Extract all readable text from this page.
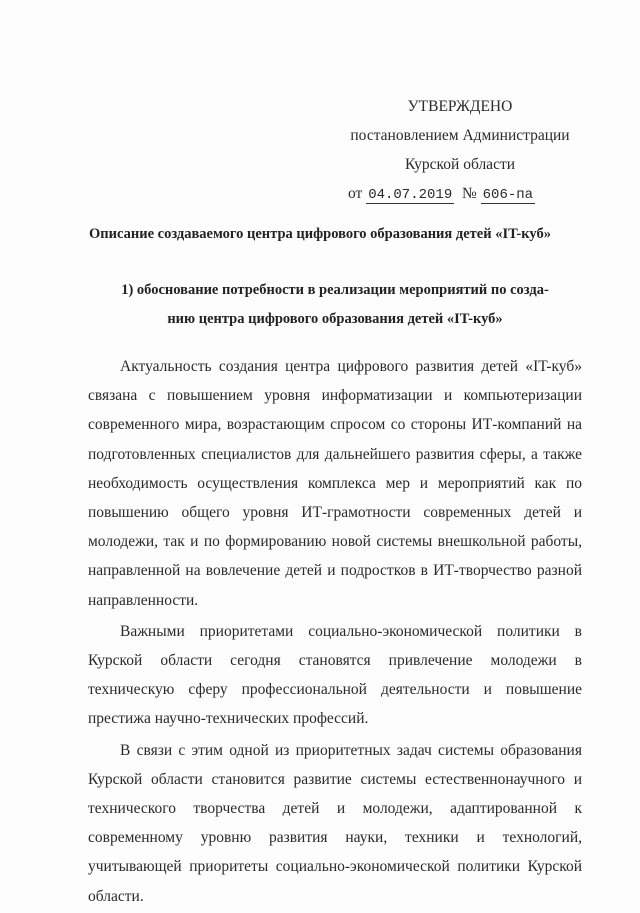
УТВЕРЖДЕНО
постановлением Администрации
Курской области
от 04.07.2019 № 606-па
Описание создаваемого центра цифрового образования детей «IT-куб»
1) обоснование потребности в реализации мероприятий по созда-
нию центра цифрового образования детей «IT-куб»

Актуальность создания центра цифрового развития детей «IT-куб» связана с повышением уровня информатизации и компьютеризации современного мира, возрастающим спросом со стороны ИТ-компаний на подготовленных специалистов для дальнейшего развития сферы, а также необходимость осуществления комплекса мер и мероприятий как по повышению общего уровня ИТ-грамотности современных детей и молодежи, так и по формированию новой системы внешкольной работы, направленной на вовлечение детей и подростков в ИТ-творчество разной направленности.

Важными приоритетами социально-экономической политики в Курской области сегодня становятся привлечение молодежи в техническую сферу профессиональной деятельности и повышение престижа научно-технических профессий.

В связи с этим одной из приоритетных задач системы образования Курской области становится развитие системы естественнонаучного и технического творчества детей и молодежи, адаптированной к современному уровню развития науки, техники и технологий, учитывающей приоритеты социально-экономической политики Курской области.
